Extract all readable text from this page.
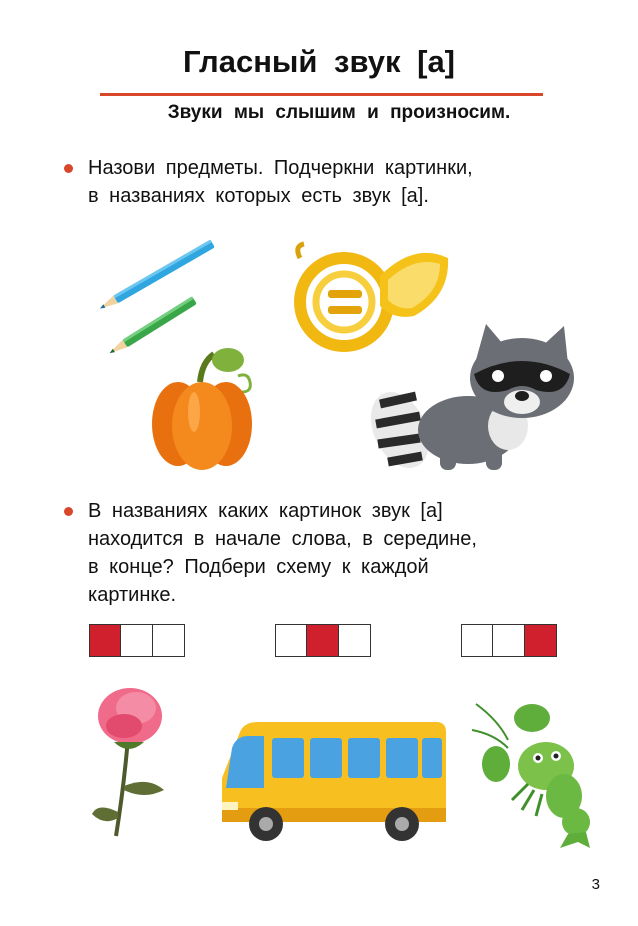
Гласный звук [а]
Звуки мы слышим и произносим.
Назови предметы. Подчеркни картинки,
в названиях которых есть звук [а].
В названиях каких картинок звук [а]
находится в начале слова, в середине,
в конце? Подбери схему к каждой
картинке.
3
